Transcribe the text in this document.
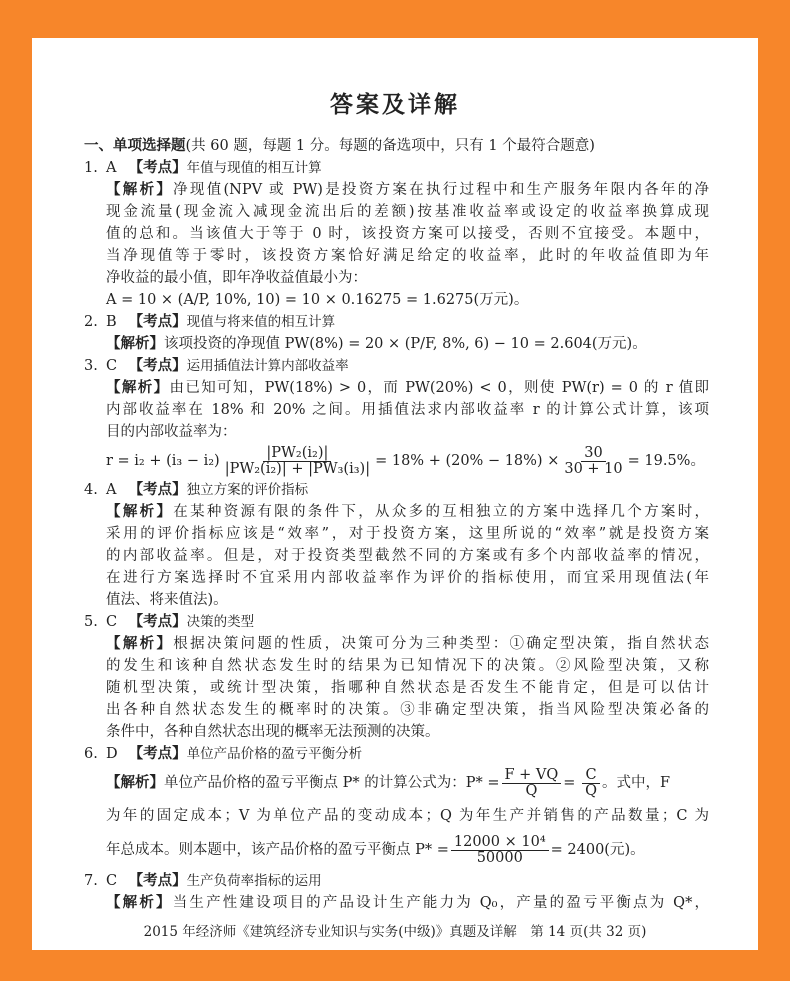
答案及详解
一、单项选择题(共 60 题，每题 1 分。每题的备选项中，只有 1 个最符合题意)
1. A 【考点】年值与现值的相互计算
【解析】净现值(NPV 或 PW)是投资方案在执行过程中和生产服务年限内各年的净
现金流量(现金流入减现金流出后的差额)按基准收益率或设定的收益率换算成现
值的总和。当该值大于等于 0 时，该投资方案可以接受，否则不宜接受。本题中，
当净现值等于零时，该投资方案恰好满足给定的收益率，此时的年收益值即为年
净收益的最小值，即年净收益值最小为：
A = 10 × (A/P, 10%, 10) = 10 × 0.16275 = 1.6275(万元)。
2. B 【考点】现值与将来值的相互计算
【解析】该项投资的净现值 PW(8%) = 20 × (P/F, 8%, 6) − 10 = 2.604(万元)。
3. C 【考点】运用插值法计算内部收益率
【解析】由已知可知，PW(18%) > 0，而 PW(20%) < 0，则使 PW(r) = 0 的 r 值即
内部收益率在 18% 和 20% 之间。用插值法求内部收益率 r 的计算公式计算，该项
目的内部收益率为：
$r = i_2 + (i_3 - i_2) \frac{\text{|PW₂(i₂)|}}{\text{|PW₂(i₂)| + |PW₃(i₃)|}} = 18\% + (20\% - 18\%) \times \frac{30}{30 + 10} = 19.5\%$。
4. A 【考点】独立方案的评价指标
【解析】在某种资源有限的条件下，从众多的互相独立的方案中选择几个方案时，
采用的评价指标应该是“效率”，对于投资方案，这里所说的“效率”就是投资方案
的内部收益率。但是，对于投资类型截然不同的方案或有多个内部收益率的情况，
在进行方案选择时不宜采用内部收益率作为评价的指标使用，而宜采用现值法(年
值法、将来值法)。
5. C 【考点】决策的类型
【解析】根据决策问题的性质，决策可分为三种类型：①确定型决策，指自然状态
的发生和该种自然状态发生时的结果为已知情况下的决策。②风险型决策，又称
随机型决策，或统计型决策，指哪种自然状态是否发生不能肯定，但是可以估计
出各种自然状态发生的概率时的决策。③非确定型决策，指当风险型决策必备的
条件中，各种自然状态出现的概率无法预测的决策。
6. D 【考点】单位产品价格的盈亏平衡分析
【解析】单位产品价格的盈亏平衡点 P* 的计算公式为：$P* = \frac{F + VQ}{Q} = \frac{C}{Q}$ 。式中，F
为年的固定成本；V 为单位产品的变动成本；Q 为年生产并销售的产品数量；C 为
年总成本。则本题中，该产品价格的盈亏平衡点 $P* = \frac{\text{12000 × 10⁴}}{50000} = 2400$(元)。
7. C 【考点】生产负荷率指标的运用
【解析】当生产性建设项目的产品设计生产能力为 Q₀，产量的盈亏平衡点为 Q*，
2015 年经济师《建筑经济专业知识与实务(中级)》真题及详解　第 14 页(共 32 页)
